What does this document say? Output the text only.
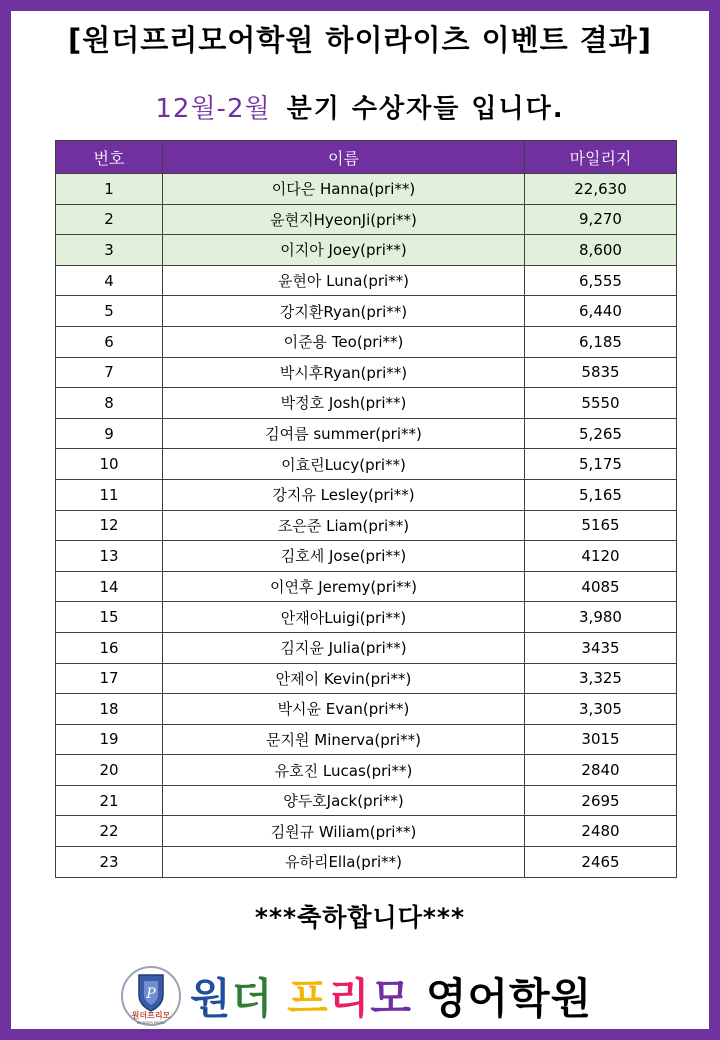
[원더프리모어학원 하이라이츠 이벤트 결과]
12월-2월 분기 수상자들 입니다.
번호	이름	마일리지
1	이다은 Hanna(pri**)	22,630
2	윤현지HyeonJi(pri**)	9,270
3	이지아 Joey(pri**)	8,600
4	윤현아 Luna(pri**)	6,555
5	강지환Ryan(pri**)	6,440
6	이준용 Teo(pri**)	6,185
7	박시후Ryan(pri**)	5835
8	박정호 Josh(pri**)	5550
9	김여름 summer(pri**)	5,265
10	이효린Lucy(pri**)	5,175
11	강지유 Lesley(pri**)	5,165
12	조은준 Liam(pri**)	5165
13	김호세 Jose(pri**)	4120
14	이연후 Jeremy(pri**)	4085
15	안재아Luigi(pri**)	3,980
16	김지윤 Julia(pri**)	3435
17	안제이 Kevin(pri**)	3,325
18	박시윤 Evan(pri**)	3,305
19	문지원 Minerva(pri**)	3015
20	유호진 Lucas(pri**)	2840
21	양두호Jack(pri**)	2695
22	김원규 Wiliam(pri**)	2480
23	유하리Ella(pri**)	2465
***축하합니다***
P
원더프리모
WONDER PRIMO 원더 프리모 영어학원
